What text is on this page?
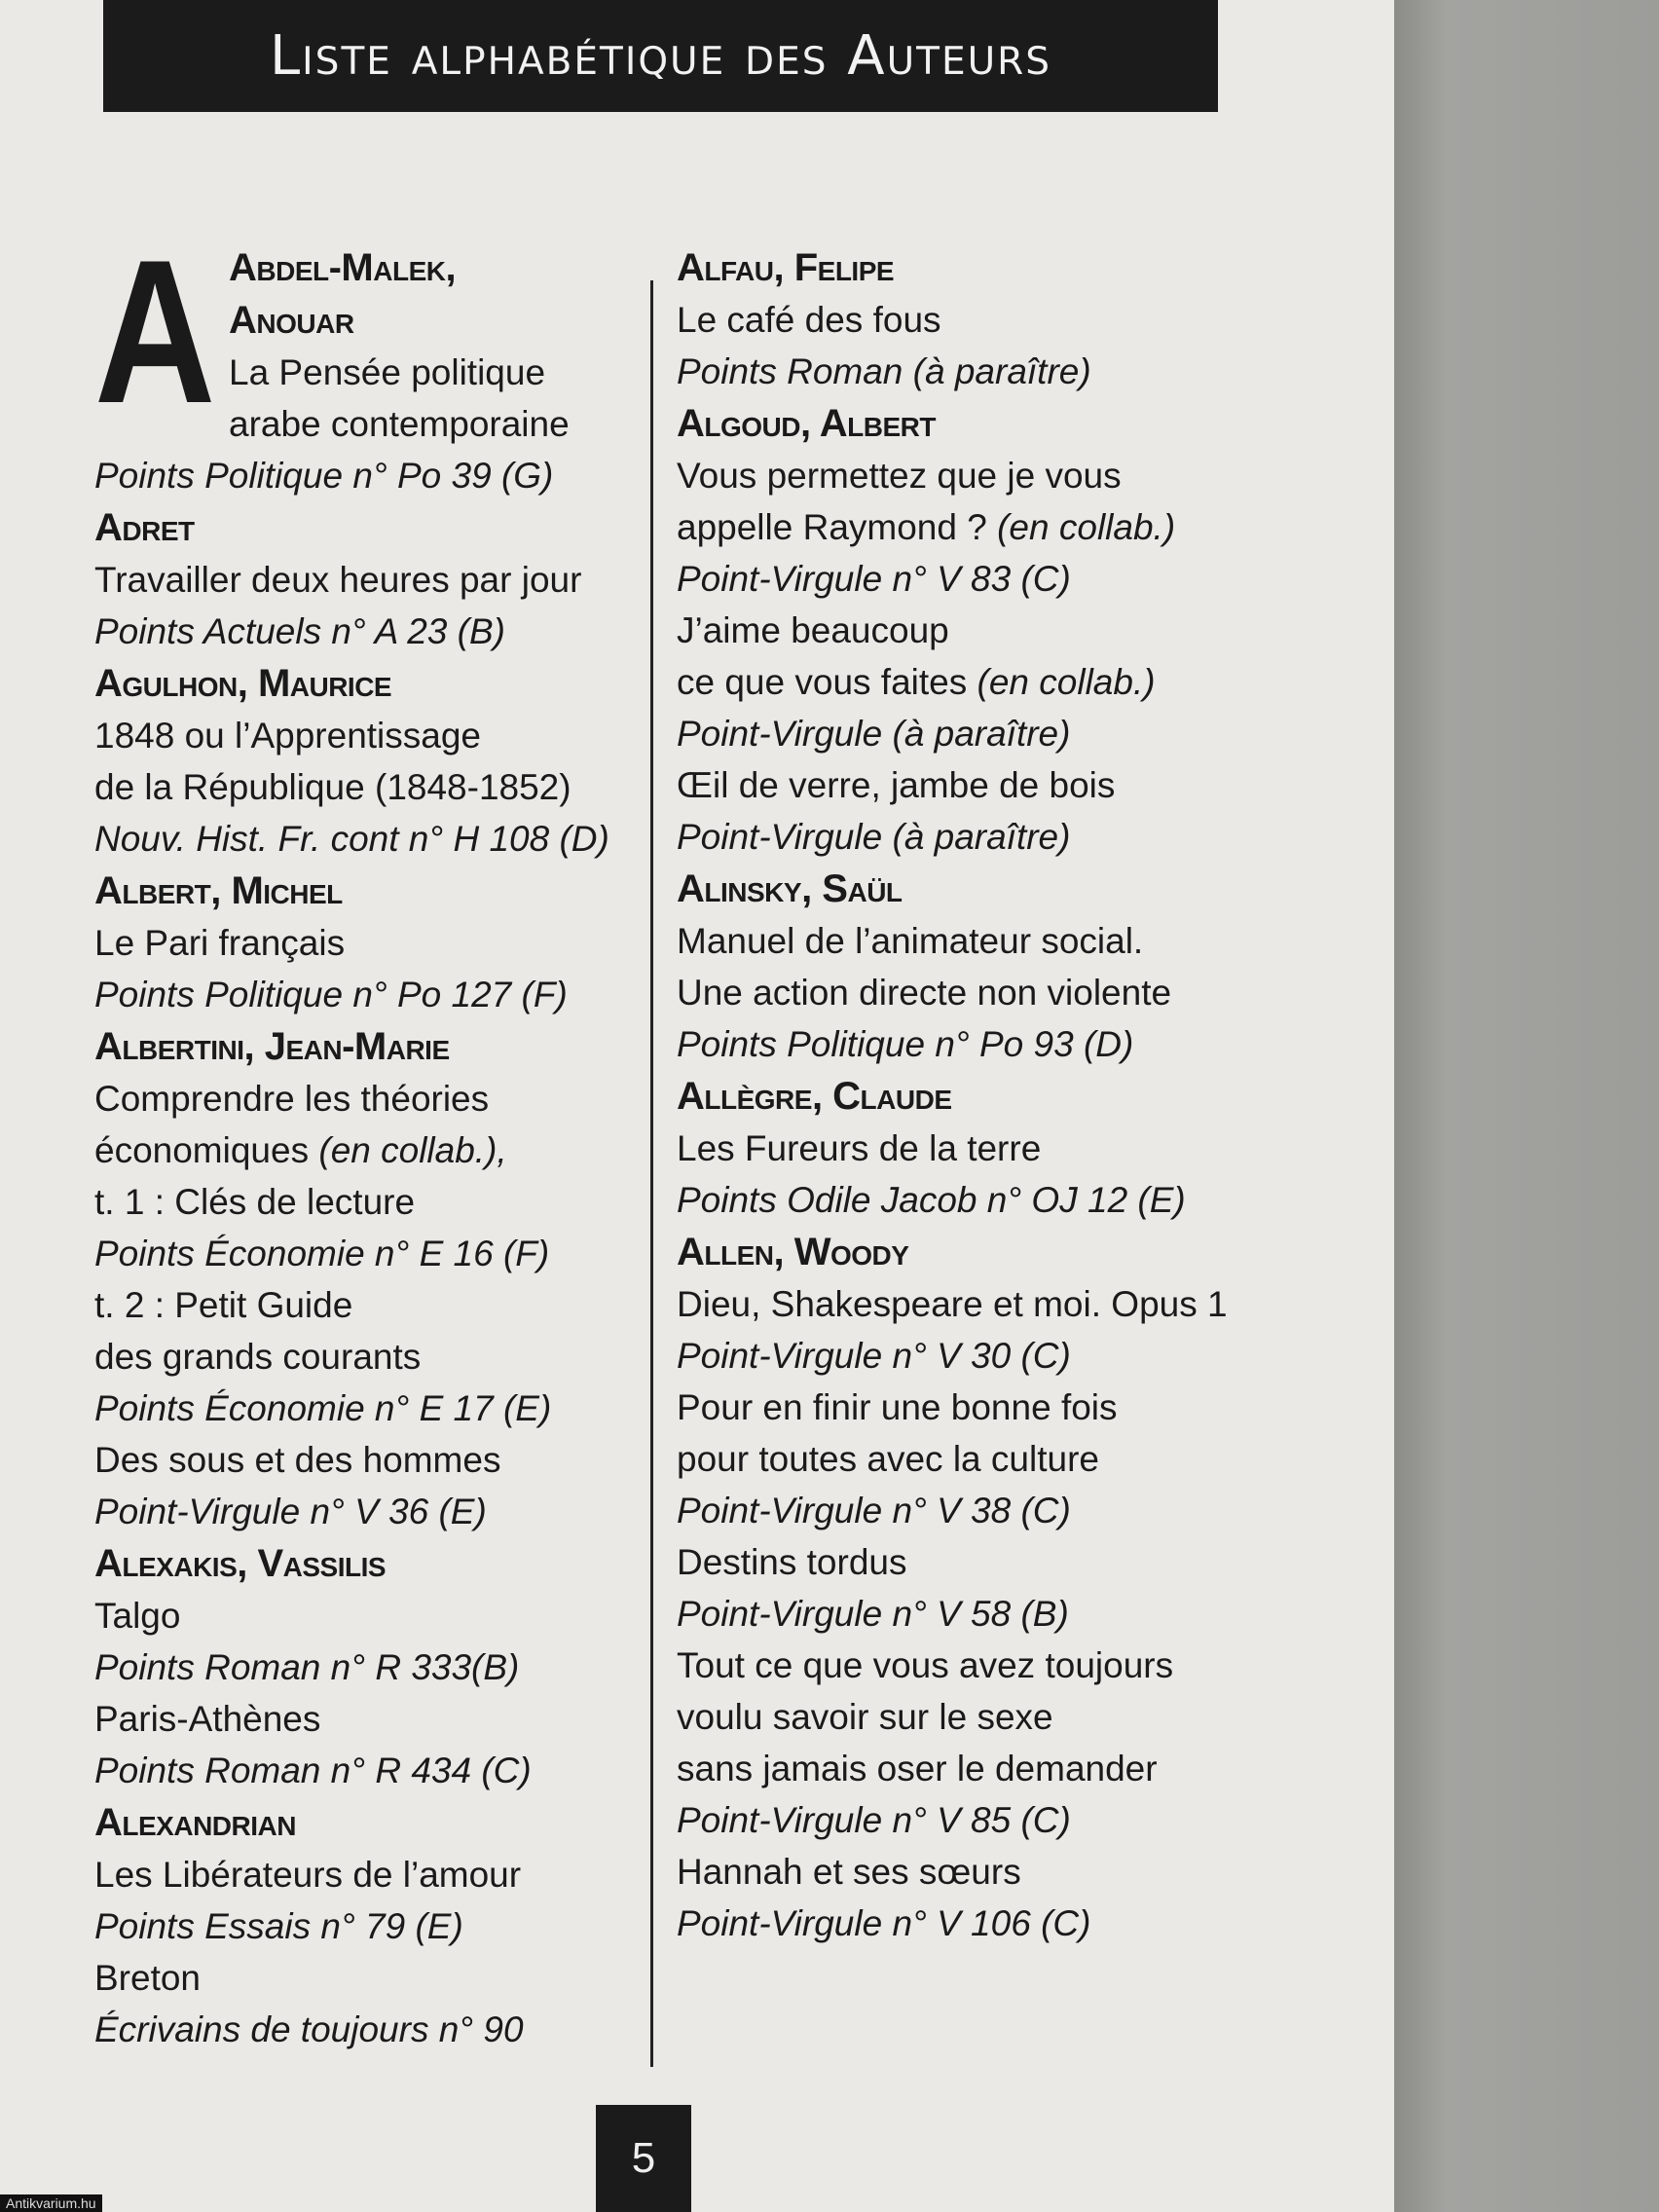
Liste alphabétique des Auteurs
A Abdel-Malek,

Anouar

La Pensée politique

arabe contemporaine

Points Politique n° Po 39 (G)

Adret

Travailler deux heures par jour

Points Actuels n° A 23 (B)

Agulhon, Maurice

1848 ou l’Apprentissage

de la République (1848-1852)

Nouv. Hist. Fr. cont n° H 108 (D)

Albert, Michel

Le Pari français

Points Politique n° Po 127 (F)

Albertini, Jean-Marie

Comprendre les théories

économiques (en collab.),

t. 1 : Clés de lecture

Points Économie n° E 16 (F)

t. 2 : Petit Guide

des grands courants

Points Économie n° E 17 (E)

Des sous et des hommes

Point-Virgule n° V 36 (E)

Alexakis, Vassilis

Talgo

Points Roman n° R 333(B)

Paris-Athènes

Points Roman n° R 434 (C)

Alexandrian

Les Libérateurs de l’amour

Points Essais n° 79 (E)

Breton

Écrivains de toujours n° 90

Alfau, Felipe

Le café des fous

Points Roman (à paraître)

Algoud, Albert

Vous permettez que je vous

appelle Raymond ? (en collab.)

Point-Virgule n° V 83 (C)

J’aime beaucoup

ce que vous faites (en collab.)

Point-Virgule (à paraître)

Œil de verre, jambe de bois

Point-Virgule (à paraître)

Alinsky, Saül

Manuel de l’animateur social.

Une action directe non violente

Points Politique n° Po 93 (D)

Allègre, Claude

Les Fureurs de la terre

Points Odile Jacob n° OJ 12 (E)

Allen, Woody

Dieu, Shakespeare et moi. Opus 1

Point-Virgule n° V 30 (C)

Pour en finir une bonne fois

pour toutes avec la culture

Point-Virgule n° V 38 (C)

Destins tordus

Point-Virgule n° V 58 (B)

Tout ce que vous avez toujours

voulu savoir sur le sexe

sans jamais oser le demander

Point-Virgule n° V 85 (C)

Hannah et ses sœurs

Point-Virgule n° V 106 (C)

5
Antikvarium.hu
